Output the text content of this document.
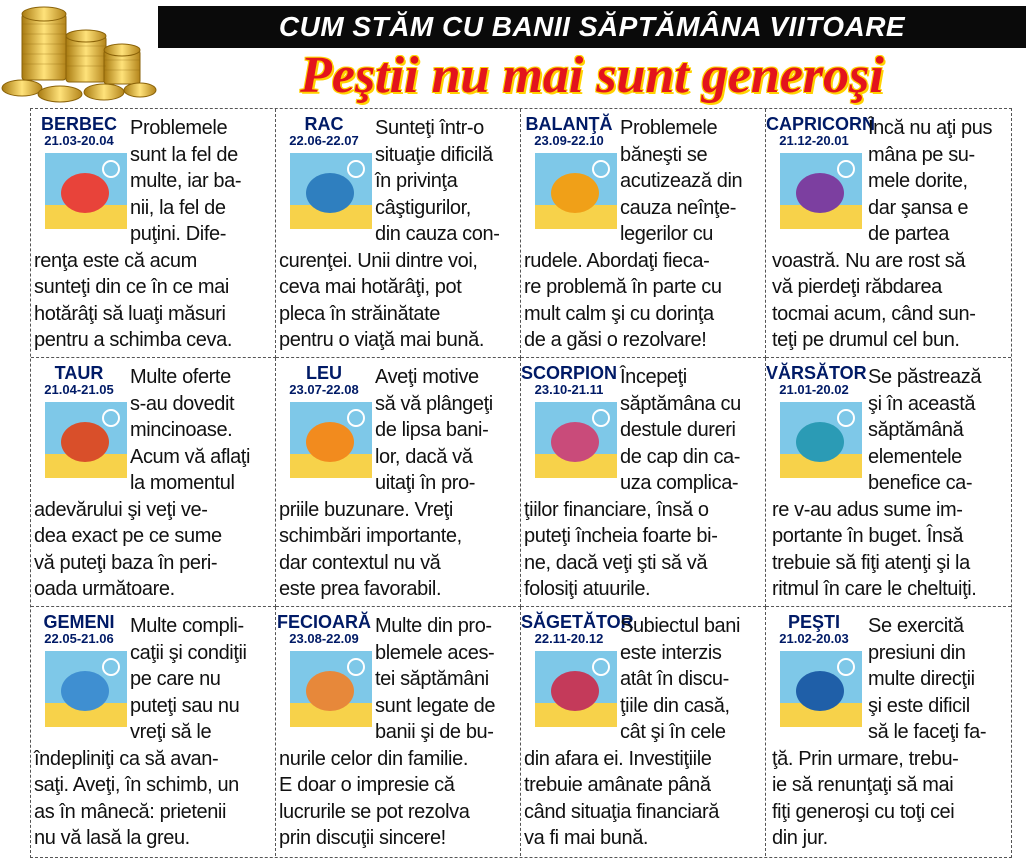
CUM STĂM CU BANII SĂPTĂMÂNA VIITOARE
Peştii nu mai sunt generoşi
BERBEC
21.03-20.04
Problemele
sunt la fel de
multe, iar ba-
nii, la fel de
puţini. Dife-
renţa este că acum
sunteţi din ce în ce mai
hotărâţi să luaţi măsuri
pentru a schimba ceva.
RAC
22.06-22.07
Sunteţi într-o
situaţie dificilă
în privinţa
câştigurilor,
din cauza con-
curenţei. Unii dintre voi,
ceva mai hotărâţi, pot
pleca în străinătate
pentru o viaţă mai bună.
BALANŢĂ
23.09-22.10
Problemele
băneşti se
acutizează din
cauza neînţe-
legerilor cu
rudele. Abordaţi fieca-
re problemă în parte cu
mult calm şi cu dorinţa
de a găsi o rezolvare!
CAPRICORN
21.12-20.01
Încă nu aţi pus
mâna pe su-
mele dorite,
dar şansa e
de partea
voastră. Nu are rost să
vă pierdeţi răbdarea
tocmai acum, când sun-
teţi pe drumul cel bun.
TAUR
21.04-21.05
Multe oferte
s-au dovedit
mincinoase.
Acum vă aflaţi
la momentul
adevărului şi veţi ve-
dea exact pe ce sume
vă puteţi baza în peri-
oada următoare.
LEU
23.07-22.08
Aveţi motive
să vă plângeţi
de lipsa bani-
lor, dacă vă
uitaţi în pro-
priile buzunare. Vreţi
schimbări importante,
dar contextul nu vă
este prea favorabil.
SCORPION
23.10-21.11
Începeţi
săptămâna cu
destule dureri
de cap din ca-
uza complica-
ţiilor financiare, însă o
puteţi încheia foarte bi-
ne, dacă veţi şti să vă
folosiţi atuurile.
VĂRSĂTOR
21.01-20.02
Se păstrează
şi în această
săptămână
elementele
benefice ca-
re v-au adus sume im-
portante în buget. Însă
trebuie să fiţi atenţi şi la
ritmul în care le cheltuiţi.
GEMENI
22.05-21.06
Multe compli-
caţii şi condiţii
pe care nu
puteţi sau nu
vreţi să le
îndepliniţi ca să avan-
saţi. Aveţi, în schimb, un
as în mânecă: prietenii
nu vă lasă la greu.
FECIOARĂ
23.08-22.09
Multe din pro-
blemele aces-
tei săptămâni
sunt legate de
banii şi de bu-
nurile celor din familie.
E doar o impresie că
lucrurile se pot rezolva
prin discuţii sincere!
SĂGETĂTOR
22.11-20.12
Subiectul bani
este interzis
atât în discu-
ţiile din casă,
cât şi în cele
din afara ei. Investiţiile
trebuie amânate până
când situaţia financiară
va fi mai bună.
PEŞTI
21.02-20.03
Se exercită
presiuni din
multe direcţii
şi este dificil
să le faceţi fa-
ţă. Prin urmare, trebu-
ie să renunţaţi să mai
fiţi generoşi cu toţi cei
din jur.
